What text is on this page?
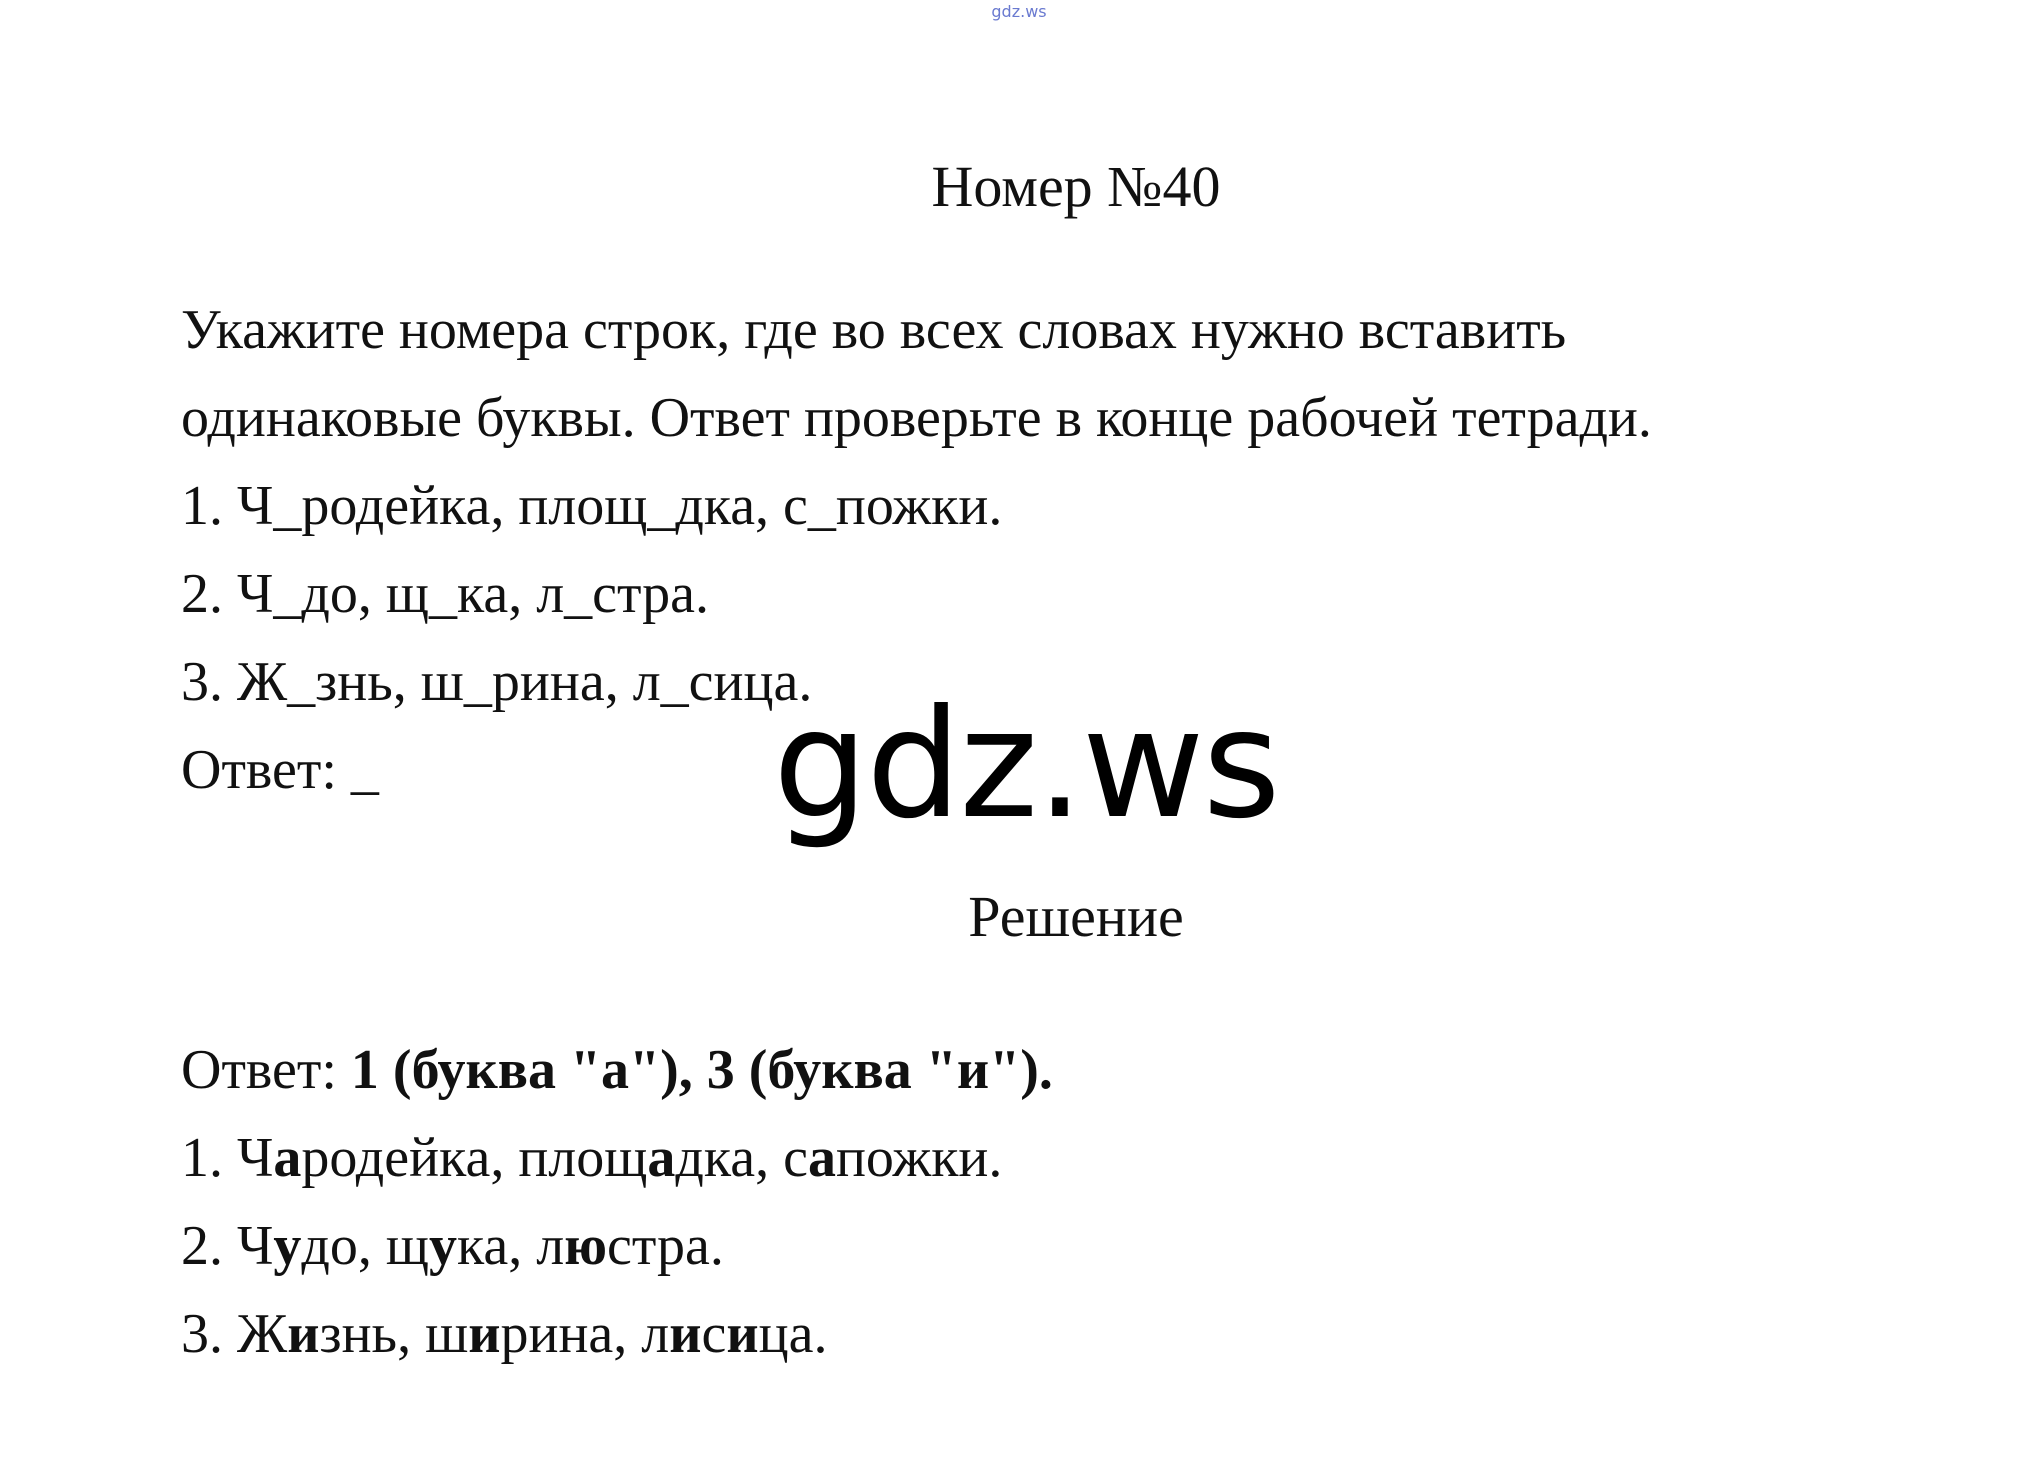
gdz.ws
Номер №40
Укажите номера строк, где во всех словах нужно вставить
одинаковые буквы. Ответ проверьте в конце рабочей тетради.
1. Ч_родейка, площ_дка, с_пожки.
2. Ч_до, щ_ка, л_стра.
3. Ж_знь, ш_рина, л_сица.
Ответ: _	gdz.ws
Решение
Ответ: 1 (буква "а"), 3 (буква "и").
1. Чародейка, площадка, сапожки.
2. Чудо, щука, люстра.
3. Жизнь, ширина, лисица.
